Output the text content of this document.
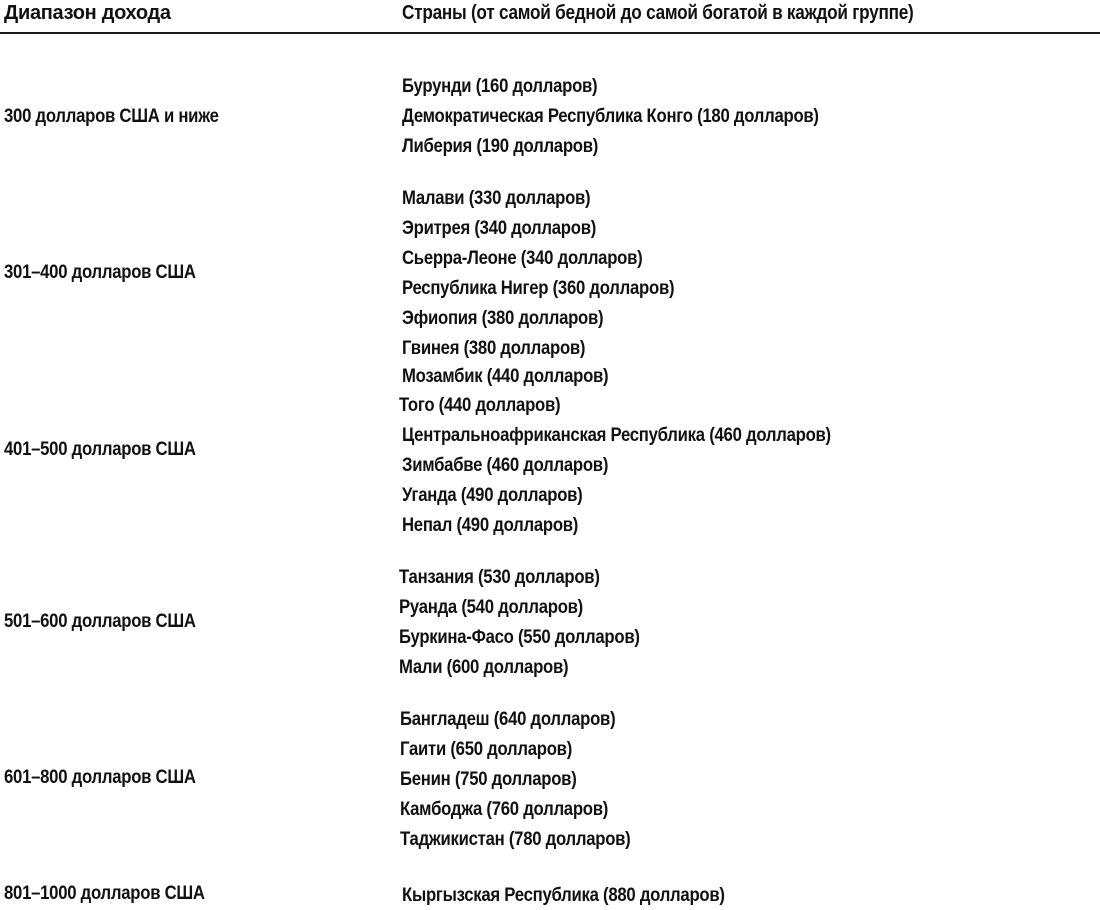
Диапазон дохода	Страны (от самой бедной до самой богатой в каждой группе)
300 долларов США и ниже
Бурунди (160 долларов)
Демократическая Республика Конго (180 долларов)
Либерия (190 долларов)
301–400 долларов США
Малави (330 долларов)
Эритрея (340 долларов)
Сьерра-Леоне (340 долларов)
Республика Нигер (360 долларов)
Эфиопия (380 долларов)
Гвинея (380 долларов)
401–500 долларов США
Мозамбик (440 долларов)
Того (440 долларов)
Центральноафриканская Республика (460 долларов)
Зимбабве (460 долларов)
Уганда (490 долларов)
Непал (490 долларов)
501–600 долларов США
Танзания (530 долларов)
Руанда (540 долларов)
Буркина-Фасо (550 долларов)
Мали (600 долларов)
601–800 долларов США
Бангладеш (640 долларов)
Гаити (650 долларов)
Бенин (750 долларов)
Камбоджа (760 долларов)
Таджикистан (780 долларов)
801–1000 долларов США	Кыргызская Республика (880 долларов)
